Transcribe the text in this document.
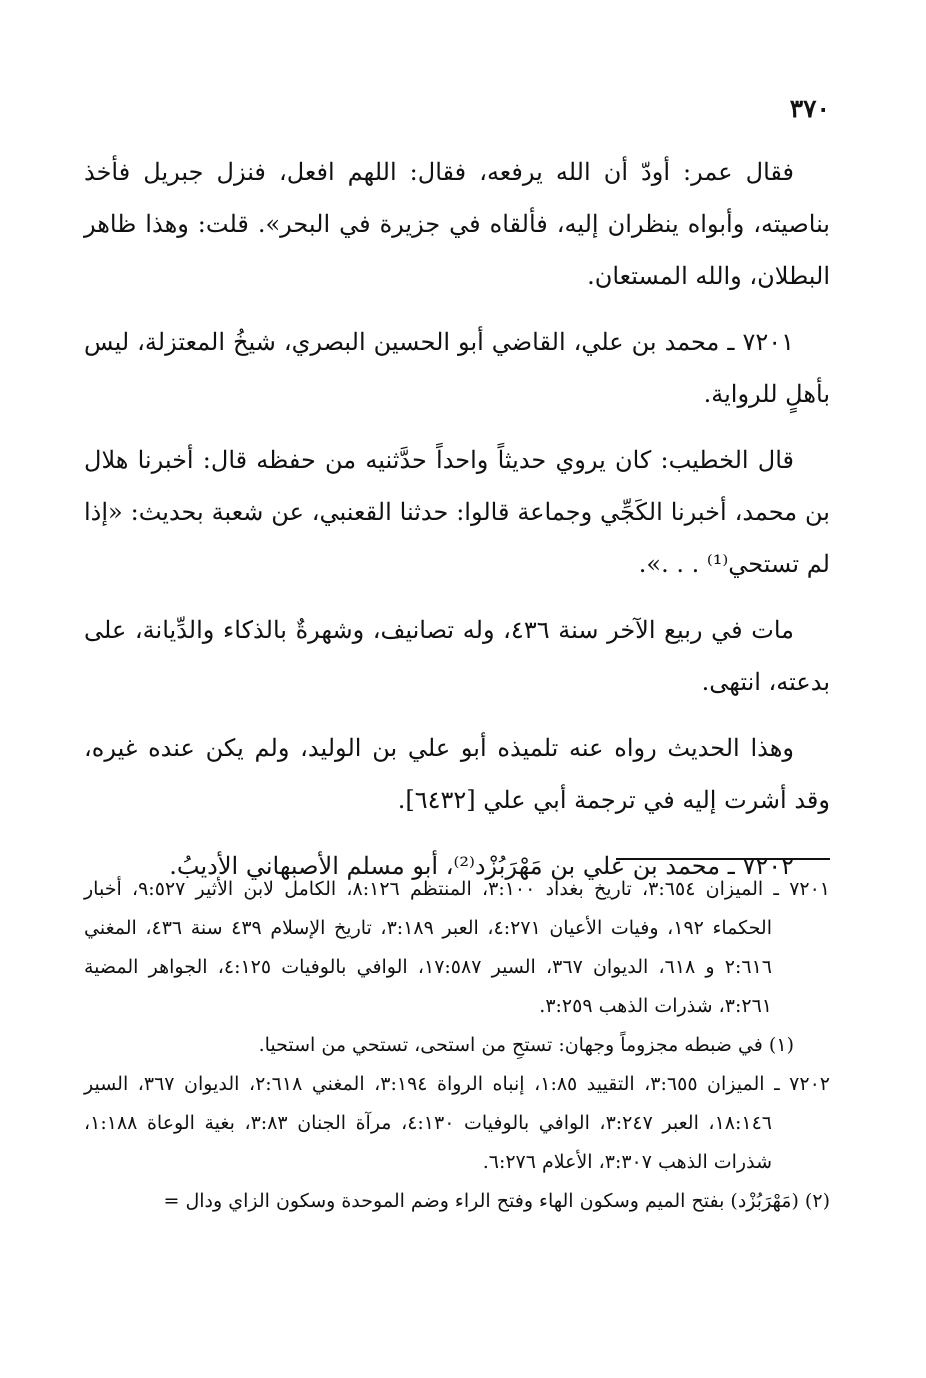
٣٧٠

فقال عمر: أودّ أن الله يرفعه، فقال: اللهم افعل، فنزل جبريل فأخذ بناصيته، وأبواه ينظران إليه، فألقاه في جزيرة في البحر». قلت: وهذا ظاهر البطلان، والله المستعان.

٧٢٠١ ـ محمد بن علي، القاضي أبو الحسين البصري، شيخُ المعتزلة، ليس بأهلٍ للرواية.

قال الخطيب: كان يروي حديثاً واحداً حدَّثنيه من حفظه قال: أخبرنا هلال بن محمد، أخبرنا الكَجِّي وجماعة قالوا: حدثنا القعنبي، عن شعبة بحديث: «إذا لم تستحي⁽¹⁾ . . .».

مات في ربيع الآخر سنة ٤٣٦، وله تصانيف، وشهرةٌ بالذكاء والدِّيانة، على بدعته، انتهى.

وهذا الحديث رواه عنه تلميذه أبو علي بن الوليد، ولم يكن عنده غيره، وقد أشرت إليه في ترجمة أبي علي [٦٤٣٢].

٧٢٠٢ ـ محمد بن علي بن مَهْرَبُزْد⁽²⁾، أبو مسلم الأصبهاني الأديبُ.

٧٢٠١ ـ الميزان ٣:٦٥٤، تاريخ بغداد ٣:١٠٠، المنتظم ٨:١٢٦، الكامل لابن الأثير ٩:٥٢٧، أخبار الحكماء ١٩٢، وفيات الأعيان ٤:٢٧١، العبر ٣:١٨٩، تاريخ الإسلام ٤٣٩ سنة ٤٣٦، المغني ٢:٦١٦ و ٦١٨، الديوان ٣٦٧، السير ١٧:٥٨٧، الوافي بالوفيات ٤:١٢٥، الجواهر المضية ٣:٢٦١، شذرات الذهب ٣:٢٥٩.

(١) في ضبطه مجزوماً وجهان: تستحِ من استحى، تستحي من استحيا.

٧٢٠٢ ـ الميزان ٣:٦٥٥، التقييد ١:٨٥، إنباه الرواة ٣:١٩٤، المغني ٢:٦١٨، الديوان ٣٦٧، السير ١٨:١٤٦، العبر ٣:٢٤٧، الوافي بالوفيات ٤:١٣٠، مرآة الجنان ٣:٨٣، بغية الوعاة ١:١٨٨، شذرات الذهب ٣:٣٠٧، الأعلام ٦:٢٧٦.

(٢) (مَهْرَبُزْد) بفتح الميم وسكون الهاء وفتح الراء وضم الموحدة وسكون الزاي ودال =
